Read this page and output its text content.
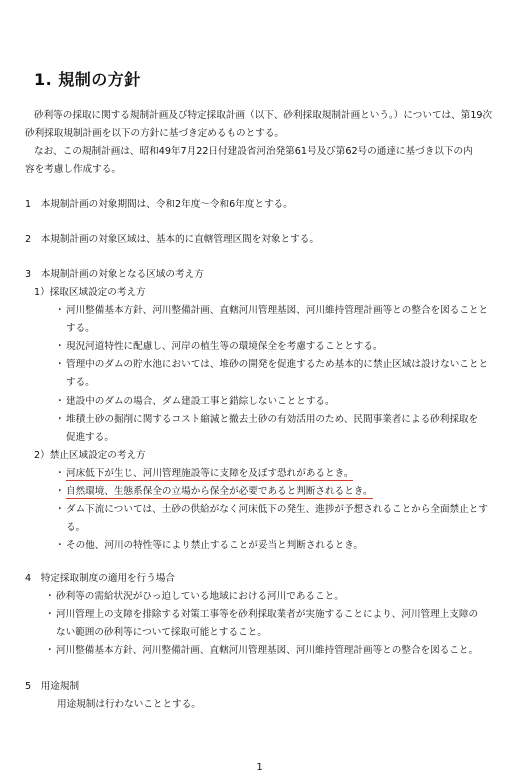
1. 規制の方針
砂利等の採取に関する規制計画及び特定採取計画（以下、砂利採取規制計画という。）については、第19次
砂利採取規制計画を以下の方針に基づき定めるものとする。
なお、この規制計画は、昭和49年7月22日付建設省河治発第61号及び第62号の通達に基づき以下の内
容を考慮し作成する。
1　本規制計画の対象期間は、令和2年度～令和6年度とする。
2　本規制計画の対象区域は、基本的に直轄管理区間を対象とする。
3　本規制計画の対象となる区域の考え方
1）採取区域設定の考え方
・ 河川整備基本方針、河川整備計画、直轄河川管理基図、河川維持管理計画等との整合を図ることと
する。
・ 現況河道特性に配慮し、河岸の植生等の環境保全を考慮することとする。
・ 管理中のダムの貯水池においては、堆砂の開発を促進するため基本的に禁止区域は設けないことと
する。
・ 建設中のダムの場合、ダム建設工事と錯綜しないこととする。
・ 堆積土砂の掘削に関するコスト縮減と撤去土砂の有効活用のため、民間事業者による砂利採取を
促進する。
2）禁止区域設定の考え方
・ 河床低下が生じ、河川管理施設等に支障を及ぼす恐れがあるとき。
・ 自然環境、生態系保全の立場から保全が必要であると判断されるとき。
・ ダム下流については、土砂の供給がなく河床低下の発生、進捗が予想されることから全面禁止とす
る。
・ その他、河川の特性等により禁止することが妥当と判断されるとき。
4　特定採取制度の適用を行う場合
・ 砂利等の需給状況がひっ迫している地域における河川であること。
・ 河川管理上の支障を排除する対策工事等を砂利採取業者が実施することにより、河川管理上支障の
ない範囲の砂利等について採取可能とすること。
・ 河川整備基本方針、河川整備計画、直轄河川管理基図、河川維持管理計画等との整合を図ること。
5　用途規制
用途規制は行わないこととする。
1
